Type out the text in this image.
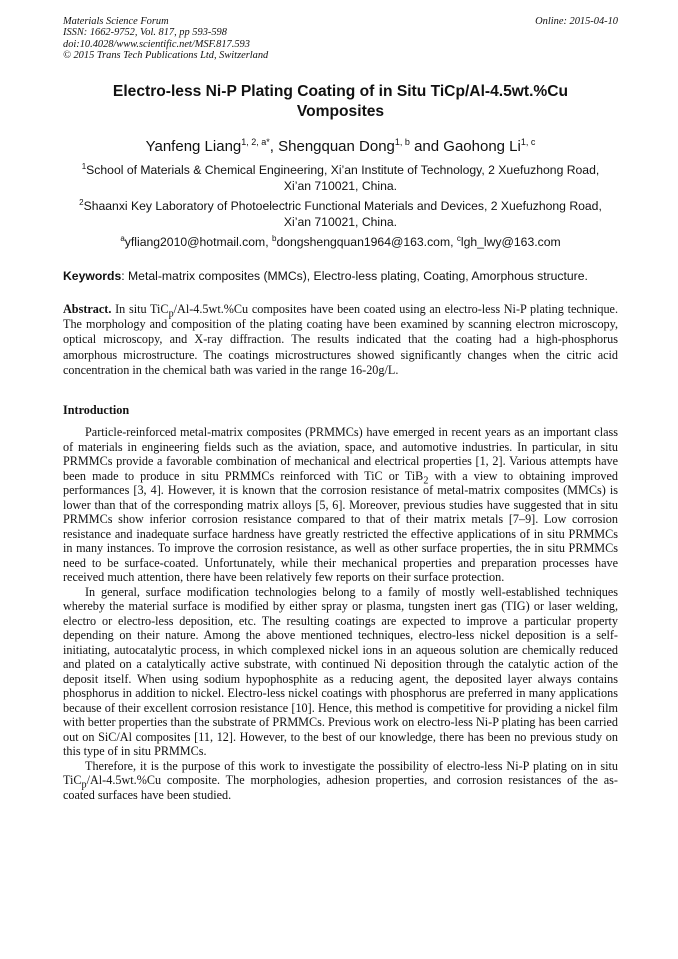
Materials Science Forum
ISSN: 1662-9752, Vol. 817, pp 593-598
doi:10.4028/www.scientific.net/MSF.817.593
© 2015 Trans Tech Publications Ltd, Switzerland
Online: 2015-04-10
Electro-less Ni-P Plating Coating of in Situ TiCp/Al-4.5wt.%Cu
Vomposites
Yanfeng Liang$^{1, 2, a*}$, Shengquan Dong$^{1, b}$ and Gaohong Li$^{1, c}$
$^1$School of Materials & Chemical Engineering, Xi’an Institute of Technology, 2 Xuefuzhong Road,
Xi’an 710021, China.
$^2$Shaanxi Key Laboratory of Photoelectric Functional Materials and Devices, 2 Xuefuzhong Road,
Xi’an 710021, China.
$^a$yfliang2010@hotmail.com, $^b$dongshengquan1964@163.com, $^c$lgh_lwy@163.com
Keywords: Metal-matrix composites (MMCs), Electro-less plating, Coating, Amorphous structure.
Abstract. In situ TiC$_p$/Al-4.5wt.%Cu composites have been coated using an electro-less Ni-P plating technique. The morphology and composition of the plating coating have been examined by scanning electron microscopy, optical microscopy, and X-ray diffraction. The results indicated that the coating had a high-phosphorus amorphous microstructure. The coatings microstructures showed significantly changes when the citric acid concentration in the chemical bath was varied in the range 16-20g/L.
Introduction

Particle-reinforced metal-matrix composites (PRMMCs) have emerged in recent years as an important class of materials in engineering fields such as the aviation, space, and automotive industries. In particular, in situ PRMMCs provide a favorable combination of mechanical and electrical properties [1, 2]. Various attempts have been made to produce in situ PRMMCs reinforced with TiC or TiB$_2$ with a view to obtaining improved performances [3, 4]. However, it is known that the corrosion resistance of metal-matrix composites (MMCs) is lower than that of the corresponding matrix alloys [5, 6]. Moreover, previous studies have suggested that in situ PRMMCs show inferior corrosion resistance compared to that of their matrix metals [7–9]. Low corrosion resistance and inadequate surface hardness have greatly restricted the effective applications of in situ PRMMCs in many instances. To improve the corrosion resistance, as well as other surface properties, the in situ PRMMCs need to be surface-coated. Unfortunately, while their mechanical properties and preparation processes have received much attention, there have been relatively few reports on their surface protection.

In general, surface modification technologies belong to a family of mostly well-established techniques whereby the material surface is modified by either spray or plasma, tungsten inert gas (TIG) or laser welding, electro or electro-less deposition, etc. The resulting coatings are expected to improve a particular property depending on their nature. Among the above mentioned techniques, electro-less nickel deposition is a self-initiating, autocatalytic process, in which complexed nickel ions in an aqueous solution are chemically reduced and plated on a catalytically active substrate, with continued Ni deposition through the catalytic action of the deposit itself. When using sodium hypophosphite as a reducing agent, the deposited layer always contains phosphorus in addition to nickel. Electro-less nickel coatings with phosphorus are preferred in many applications because of their excellent corrosion resistance [10]. Hence, this method is competitive for providing a nickel film with better properties than the substrate of PRMMCs. Previous work on electro-less Ni-P plating has been carried out on SiC/Al composites [11, 12]. However, to the best of our knowledge, there has been no previous study on this type of in situ PRMMCs.

Therefore, it is the purpose of this work to investigate the possibility of electro-less Ni-P plating on in situ TiC$_p$/Al-4.5wt.%Cu composite. The morphologies, adhesion properties, and corrosion resistances of the as-coated surfaces have been studied.
